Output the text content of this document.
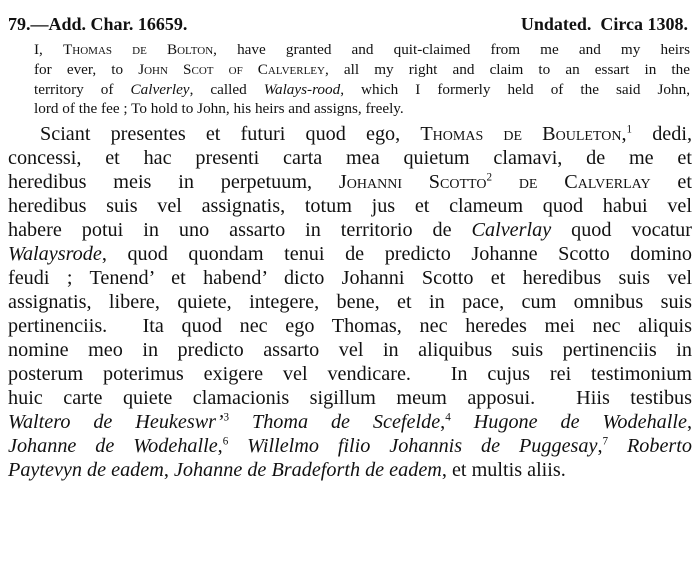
79.—Add. Char. 16659.

	Undated.  Circa 1308.

I, Thomas de Bolton, have granted and quit-claimed from me and my heirs
for ever, to John Scot of Calverley, all my right and claim to an essart in the
territory of Calverley, called Walays-rood, which I formerly held of the said John,
lord of the fee ; To hold to John, his heirs and assigns, freely.
Sciant presentes et futuri quod ego, Thomas de Bouleton,$^1$ dedi,
concessi, et hac presenti carta mea quietum clamavi, de me et
heredibus meis in perpetuum, Johanni Scotto$^2$ de Calverlay et
heredibus suis vel assignatis, totum jus et clameum quod habui vel
habere potui in uno assarto in territorio de Calverlay quod vocatur
Walaysrode, quod quondam tenui de predicto Johanne Scotto domino
feudi ; Tenend’ et habend’ dicto Johanni Scotto et heredibus suis vel
assignatis, libere, quiete, integere, bene, et in pace, cum omnibus suis
pertinenciis.  Ita quod nec ego Thomas, nec heredes mei nec aliquis
nomine meo in predicto assarto vel in aliquibus suis pertinenciis in
posterum poterimus exigere vel vendicare.  In cujus rei testimonium
huic carte quiete clamacionis sigillum meum apposui.  Hiis testibus
Waltero de Heukeswr’$^3$ Thoma de Scefelde,$^4$ Hugone de Wodehalle,
Johanne de Wodehalle,$^6$ Willelmo filio Johannis de Puggesay,$^7$ Roberto
Paytevyn de eadem, Johanne de Bradeforth de eadem, et multis aliis.
